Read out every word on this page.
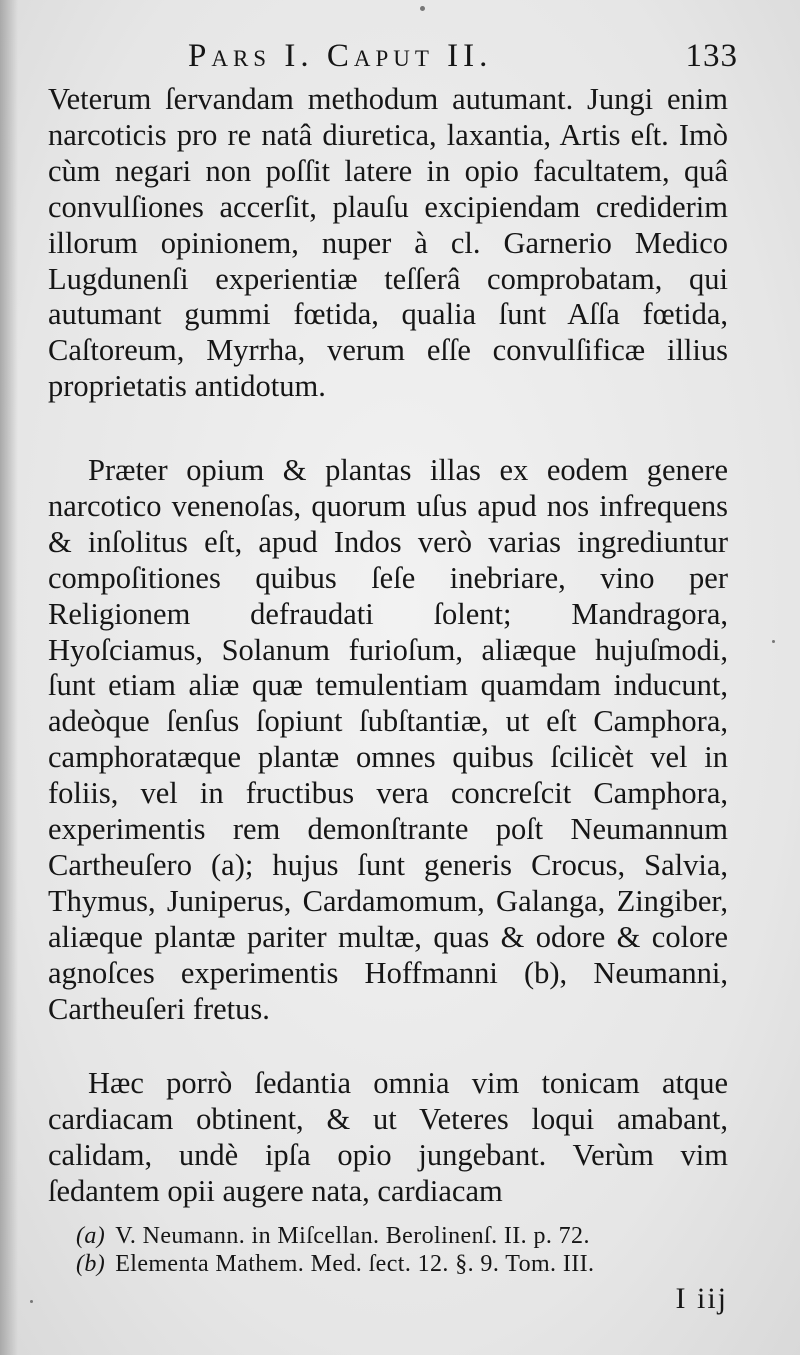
Pars I. Caput II.	133
Veterum ſervandam methodum autumant. Jungi enim narcoticis pro re natâ diuretica, laxantia, Artis eſt. Imò cùm negari non poſſit latere in opio facultatem, quâ convulſiones accerſit, plauſu excipiendam crediderim illorum opinionem, nuper à cl. Garnerio Medico Lugdunenſi experientiæ teſſerâ comprobatam, qui autumant gummi fœtida, qualia ſunt Aſſa fœtida, Caſtoreum, Myrrha, verum eſſe convulſificæ illius proprietatis antidotum.
Præter opium & plantas illas ex eodem genere narcotico venenoſas, quorum uſus apud nos infrequens & inſolitus eſt, apud Indos verò varias ingrediuntur compoſitiones quibus ſeſe inebriare, vino per Religionem defraudati ſolent; Mandragora, Hyoſciamus, Solanum furioſum, aliæque hujuſmodi, ſunt etiam aliæ quæ temulentiam quamdam inducunt, adeòque ſenſus ſopiunt ſubſtantiæ, ut eſt Camphora, camphoratæque plantæ omnes quibus ſcilicèt vel in foliis, vel in fructibus vera concreſcit Camphora, experimentis rem demonſtrante poſt Neumannum Cartheuſero (a); hujus ſunt generis Crocus, Salvia, Thymus, Juniperus, Cardamomum, Galanga, Zingiber, aliæque plantæ pariter multæ, quas & odore & colore agnoſces experimentis Hoffmanni (b), Neumanni, Cartheuſeri fretus.
Hæc porrò ſedantia omnia vim tonicam atque cardiacam obtinent, & ut Veteres loqui amabant, calidam, undè ipſa opio jungebant. Verùm vim ſedantem opii augere nata, cardiacam
(a) V. Neumann. in Miſcellan. Berolinenſ. II. p. 72.
(b) Elementa Mathem. Med. ſect. 12. §. 9. Tom. III.
I iij
